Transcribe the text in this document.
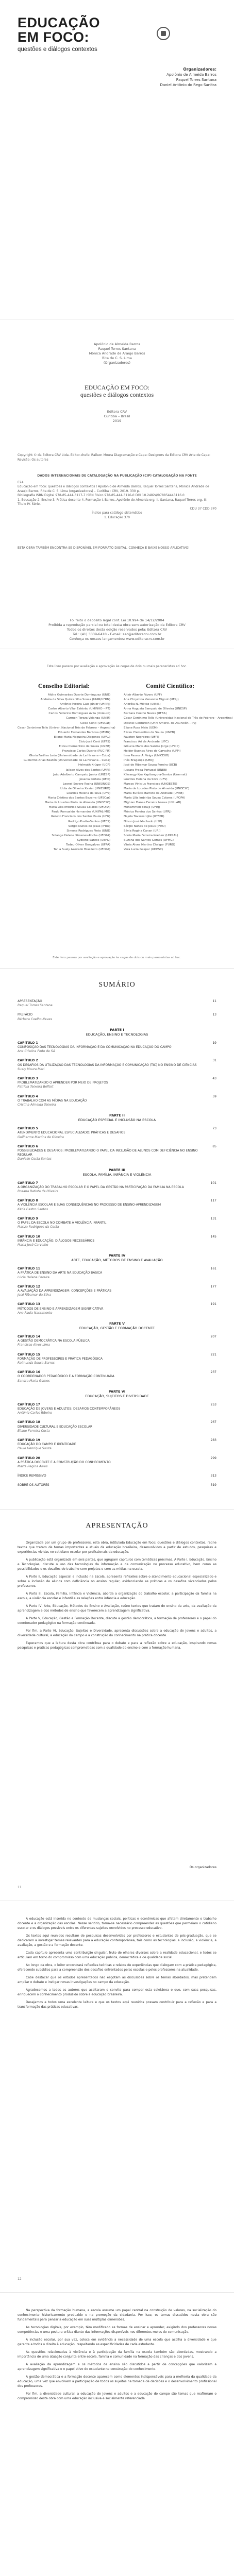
EDUCAÇÃO
EM FOCO:
questões e diálogos contextos
Organizadores:
Apolônio de Almeida Barros
Raquel Torres Santana
Daniel Antônio do Rego Sanitra
Apolônio de Almeida Barros
Raquel Torres Santana
Mônica Andrade de Araujo Barros
Rita de C. S. Lima
(Organizadores)
EDUCAÇÃO EM FOCO:
questões e diálogos contextos
Editora CRV
Curitiba – Brasil
2019
Copyright © da Editora CRV Ltda. Editor-chefe: Railson Moura Diagramação e Capa: Designers da Editora CRV Arte de Capa: Revisão: Os autores
DADOS INTERNACIONAIS DE CATALOGAÇÃO NA PUBLICAÇÃO (CIP) CATALOGAÇÃO NA FONTE
E24
Educação em foco: questões e diálogos contextos / Apolônio de Almeida Barros, Raquel Torres Santana, Mônica Andrade de Araujo Barros, Rita de C. S. Lima (organizadores) – Curitiba : CRV, 2019. 330 p.
Bibliografia ISBN Digital 978-85-444-3117-7 ISBN Físico 978-85-444-3116-0 DOI 10.24824/978854443116.0
1. Educação 2. Ensino 3. Prática docente 4. Formação I. Barros, Apolônio de Almeida org. II. Santana, Raquel Torres org. III. Título IV. Série.
CDU 37 CDD 370
Índice para catálogo sistemático
1. Educação 370
ESTA OBRA TAMBÉM ENCONTRA-SE DISPONÍVEL EM FORMATO DIGITAL. CONHEÇA E BAIXE NOSSO APLICATIVO!
Foi feito o depósito legal conf. Lei 10.994 de 14/12/2004
Proibida a reprodução parcial ou total desta obra sem autorização da Editora CRV
Todos os direitos desta edição reservados pela: Editora CRV
Tel.: (41) 3039-6418 - E-mail: sac@editoracrv.com.br
Conheça os nossos lançamentos: www.editoracrv.com.br
Este livro passou por avaliação e aprovação às cegas de dois ou mais pareceristas ad hoc.
Conselho Editorial:
Aldira Guimarães Duarte Domínguez (UNB)
Andréia da Silva Quintanilha Sousa (UNIR/UFRN)
Antônio Pereira Gaio Júnior (UFRRJ)
Carlos Alberto Vilar Estêvão (UMINHO – PT)
Carlos Federico Dominguez Avila (Unieuro)
Carmen Tereza Velanga (UNIR)
Celso Conti (UFSCar)
Cesar Gerónimo Tello (Univer .Nacional Três de Febrero – Argentina)
Eduardo Fernandes Barbosa (UFMG)
Elione Maria Nogueira Diogenes (UFAL)
Élsio José Corá (UFFS)
Elizeu Clementino de Souza (UNEB)
Francisco Carlos Duarte (PUC-PR)
Gloria Fariñas León (Universidade de La Havana – Cuba)
Guillermo Arias Beatón (Universidade de La Havana – Cuba)
Helmuth Krüger (UCP)
Jailson Alves dos Santos (UFRJ)
João Adalberto Campato Junior (UNESP)
Josania Portela (UFPI)
Leonel Severo Rocha (UNISINOS)
Lídia de Oliveira Xavier (UNIEURO)
Lourdes Helena da Silva (UFV)
Maria Cristina dos Santos Bezerra (UFSCar)
Maria de Lourdes Pinto de Almeida (UNOESC)
Maria Lília Imbiriba Sousa Colares (UFOPA)
Paulo Romualdo Hernandes (UNIFAL-MG)
Renato Francisco dos Santos Paula (UFG)
Rodrigo Pratte-Santos (UFES)
Sergio Nunes de Jesus (IFRO)
Simone Rodrigues Pinto (UNB)
Solange Helena Ximenes-Rocha (UFOPA)
Sydione Santos (UEPG)
Tadeu Oliver Gonçalves (UFPA)
Tania Suely Azevedo Brasileiro (UFOPA)
Comitê Científico:
Altair Alberto Fávero (UPF)
Ana Chrystina Venancio Mignot (UERJ)
Andréia N. Militão (UEMS)
Anna Augusta Sampaio de Oliveira (UNESP)
Barbara Coelho Neves (UFBA)
Cesar Gerónimo Tello (Universidad Nacional de Três de Febrero – Argentina)
Diosnel Centurion (Univ Americ. de Asunción – Py)
Eliane Rose Maio (UEM)
Elizeu Clementino de Souza (UNEB)
Fauston Negreiros (UFPI)
Francisco Ari de Andrade (UFC)
Gláucia Maria dos Santos Jorge (UFOP)
Helder Buenos Aires de Carvalho (UFPI)
Ilma Passos A. Veiga (UNICEUB)
Inês Bragança (UERJ)
José de Ribamar Sousa Pereira (UCB)
Jussara Fraga Portugal (UNEB)
Kilwangy Kya Kapitango-a-Samba (Unemat)
Lourdes Helena da Silva (UFV)
Marcos Vinicius Francisco (UNOESTE)
Maria de Lourdes Pinto de Almeida (UNOESC)
Maria Eurácia Barreto de Andrade (UFRB)
Maria Lília Imbiriba Sousa Colares (UFOPA)
Míghian Danae Ferreira Nunes (UNILAB)
Mohammed Elhajji (UFRJ)
Mônica Pereira dos Santos (UFRJ)
Najela Tavares Ujiie (UTFPR)
Nilson José Machado (USP)
Sérgio Nunes de Jesus (IFRO)
Silvia Regina Canan (URI)
Sonia Maria Ferreira Koehler (UNISAL)
Suzana dos Santos Gomes (UFMG)
Vânia Alves Martins Chaigar (FURG)
Vera Lucia Gaspar (UDESC)
Este livro passou por avaliação e aprovação às cegas de dois ou mais pareceristas ad hoc.
SUMÁRIO
APRESENTAÇÃO
Raquel Torres Santana
11
PREFÁCIO
Bárbara Coelho Neves
13
PARTE I
EDUCAÇÃO, ENSINO E TECNOLOGIAS
CAPÍTULO 1
COMPOSIÇÃO DAS TECNOLOGIAS DA INFORMAÇÃO E DA COMUNICAÇÃO NA EDUCAÇÃO DO CAMPO
Ana Cristina Pinto de Sá
19
CAPÍTULO 2
OS DESAFIOS DA UTILIZAÇÃO DAS TECNOLOGIAS DA INFORMAÇÃO E COMUNICAÇÃO (TIC) NO ENSINO DE CIÊNCIAS
Suely Moura Meri
31
CAPÍTULO 3
PROBLEMATIZANDO O APRENDER POR MEIO DE PROJETOS
Patrícia Teixeira Belfort
43
CAPÍTULO 4
O TRABALHO COM AS MÍDIAS NA EDUCAÇÃO
Cristina Almeida Teixeira
59
PARTE II
EDUCAÇÃO ESPECIAL E INCLUSÃO NA ESCOLA
CAPÍTULO 5
ATENDIMENTO EDUCACIONAL ESPECIALIZADO: PRÁTICAS E DESAFIOS
Guilherme Martins de Oliveira
73
CAPÍTULO 6
POSSIBILIDADES E DESAFIOS: PROBLEMATIZANDO O PAPEL DA INCLUSÃO DE ALUNOS COM DEFICIÊNCIA NO ENSINO REGULAR
Danielle Costa Santos
85
PARTE III
ESCOLA, FAMÍLIA, INFÂNCIA E VIOLÊNCIA
CAPÍTULO 7
A ORGANIZAÇÃO DO TRABALHO ESCOLAR E O PAPEL DA GESTÃO NA PARTICIPAÇÃO DA FAMÍLIA NA ESCOLA
Rosana Batista de Oliveira
101
CAPÍTULO 8
A VIOLÊNCIA ESCOLAR E SUAS CONSEQUÊNCIAS NO PROCESSO DE ENSINO-APRENDIZAGEM
Kátia Castro Santos
117
CAPÍTULO 9
O PAPEL DA ESCOLA NO COMBATE À VIOLÊNCIA INFANTIL
Mariza Rodrigues da Costa
131
CAPÍTULO 10
INFÂNCIA E EDUCAÇÃO: DIÁLOGOS NECESSÁRIOS
Maria José Carvalho
145
PARTE IV
ARTE, EDUCAÇÃO, MÉTODOS DE ENSINO E AVALIAÇÃO
CAPÍTULO 11
A PRÁTICA DE ENSINO DA ARTE NA EDUCAÇÃO BÁSICA
Lúcia Helena Pereira
161
CAPÍTULO 12
A AVALIAÇÃO DA APRENDIZAGEM: CONCEPÇÕES E PRÁTICAS
José Ribamar da Silva
177
CAPÍTULO 13
MÉTODOS DE ENSINO E APRENDIZAGEM SIGNIFICATIVA
Ana Paula Nascimento
191
PARTE V
EDUCAÇÃO, GESTÃO E FORMAÇÃO DOCENTE
CAPÍTULO 14
A GESTÃO DEMOCRÁTICA NA ESCOLA PÚBLICA
Francisco Alves Lima
207
CAPÍTULO 15
FORMAÇÃO DE PROFESSORES E PRÁTICA PEDAGÓGICA
Raimunda Sousa Barros
221
CAPÍTULO 16
O COORDENADOR PEDAGÓGICO E A FORMAÇÃO CONTINUADA
Sandra Maria Gomes
237
PARTE VI
EDUCAÇÃO, SUJEITOS E DIVERSIDADE
CAPÍTULO 17
EDUCAÇÃO DE JOVENS E ADULTOS: DESAFIOS CONTEMPORÂNEOS
Antônio Carlos Ribeiro
253
CAPÍTULO 18
DIVERSIDADE CULTURAL E EDUCAÇÃO ESCOLAR
Eliane Ferreira Costa
267
CAPÍTULO 19
EDUCAÇÃO DO CAMPO E IDENTIDADE
Paulo Henrique Souza
283
CAPÍTULO 20
A PRÁTICA DOCENTE E A CONSTRUÇÃO DO CONHECIMENTO
Marta Regina Alves
299
ÍNDICE REMISSIVO	313
SOBRE OS AUTORES	319
APRESENTAÇÃO

Organizada por um grupo de professores, esta obra, intitulada Educação em foco: questões e diálogos contextos, reúne textos que tratam de temas importantes e atuais da educação brasileira, desenvolvidos a partir de estudos, pesquisas e experiências vividas no cotidiano escolar por profissionais da educação.

A publicação está organizada em seis partes, que agrupam capítulos com temáticas próximas. A Parte I, Educação, Ensino e Tecnologias, discute o uso das tecnologias da informação e da comunicação no processo educativo, bem como as possibilidades e os desafios do trabalho com projetos e com as mídias na escola.

A Parte II, Educação Especial e Inclusão na Escola, apresenta reflexões sobre o atendimento educacional especializado e sobre a inclusão de alunos com deficiência no ensino regular, evidenciando as práticas e os desafios vivenciados pelos professores.

A Parte III, Escola, Família, Infância e Violência, aborda a organização do trabalho escolar, a participação da família na escola, a violência escolar e infantil e as relações entre infância e educação.

A Parte IV, Arte, Educação, Métodos de Ensino e Avaliação, reúne textos que tratam do ensino da arte, da avaliação da aprendizagem e dos métodos de ensino que favorecem a aprendizagem significativa.

A Parte V, Educação, Gestão e Formação Docente, discute a gestão democrática, a formação de professores e o papel do coordenador pedagógico na formação continuada.

Por fim, a Parte VI, Educação, Sujeitos e Diversidade, apresenta discussões sobre a educação de jovens e adultos, a diversidade cultural, a educação do campo e a construção do conhecimento na prática docente.

Esperamos que a leitura desta obra contribua para o debate e para a reflexão sobre a educação, inspirando novas pesquisas e práticas pedagógicas comprometidas com a qualidade do ensino e com a formação humana.

Os organizadores
11

A educação está inserida no contexto de mudanças sociais, políticas e econômicas que afetam diretamente o trabalho docente e a organização das escolas. Nesse sentido, torna-se necessário compreender as questões que permeiam o cotidiano escolar e os diálogos possíveis entre os diferentes sujeitos envolvidos no processo educativo.

Os textos aqui reunidos resultam de pesquisas desenvolvidas por professores e estudantes de pós-graduação, que se dedicaram a investigar temas relevantes para a educação contemporânea, tais como as tecnologias, a inclusão, a violência, a avaliação, a gestão e a formação docente.

Cada capítulo apresenta uma contribuição singular, fruto de olhares diversos sobre a realidade educacional, e todos se articulam em torno do compromisso com uma educação pública, democrática e de qualidade social.

Ao longo da obra, o leitor encontrará reflexões teóricas e relatos de experiências que dialogam com a prática pedagógica, oferecendo subsídios para a compreensão dos desafios enfrentados pelas escolas e pelos professores na atualidade.

Cabe destacar que os estudos apresentados não esgotam as discussões sobre os temas abordados, mas pretendem ampliar o debate e instigar novas investigações no campo da educação.

Agradecemos a todos os autores que aceitaram o convite para compor esta coletânea e que, com suas pesquisas, enriquecem o conhecimento produzido sobre a educação brasileira.

Desejamos a todos uma excelente leitura e que os textos aqui reunidos possam contribuir para a reflexão e para a transformação das práticas educativas.

12

Na perspectiva da formação humana, a escola assume um papel central na construção de valores, na socialização do conhecimento historicamente produzido e na promoção da cidadania. Por isso, os temas discutidos nesta obra são fundamentais para pensar a educação em suas múltiplas dimensões.

As tecnologias digitais, por exemplo, têm modificado as formas de ensinar e aprender, exigindo dos professores novas competências e uma postura crítica diante das informações disponíveis nos diferentes meios de comunicação.

A inclusão escolar, por sua vez, coloca em evidência a necessidade de uma escola que acolha a diversidade e que garanta a todos o direito à educação, respeitando as especificidades de cada estudante.

As questões relacionadas à violência e à participação da família na escola também são abordadas, mostrando a importância de uma atuação conjunta entre escola, família e comunidade na formação das crianças e dos jovens.

A avaliação da aprendizagem e os métodos de ensino são discutidos a partir de concepções que valorizam a aprendizagem significativa e o papel ativo do estudante na construção do conhecimento.

A gestão democrática e a formação docente aparecem como elementos indispensáveis para a melhoria da qualidade da educação, uma vez que envolvem a participação de todos os sujeitos na tomada de decisões e o desenvolvimento profissional dos professores.

Por fim, a diversidade cultural, a educação de jovens e adultos e a educação do campo são temas que reafirmam o compromisso desta obra com uma educação inclusiva e socialmente referenciada.
